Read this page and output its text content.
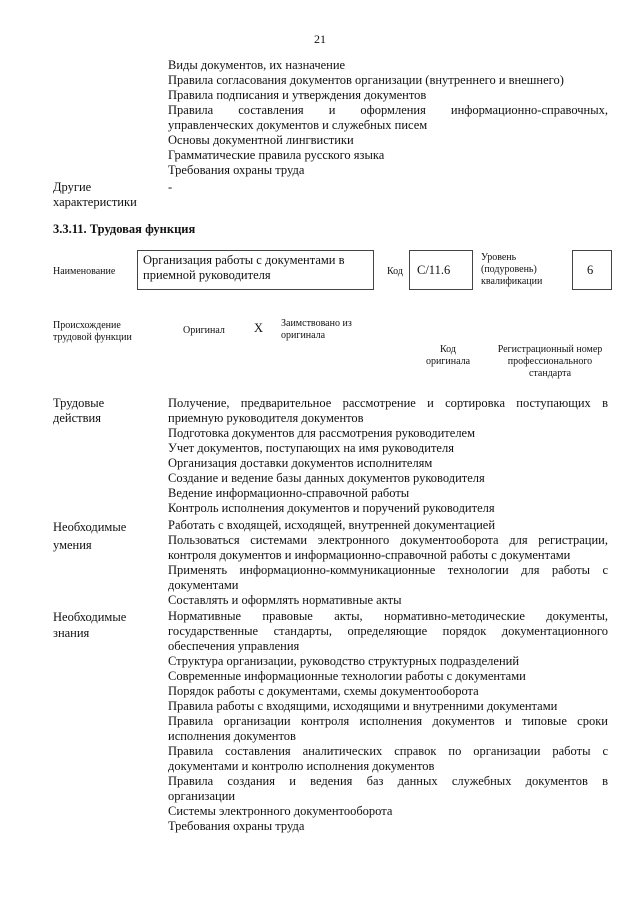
21

Виды документов, их назначение

Правила согласования документов организации (внутреннего и внешнего)

Правила подписания и утверждения документов

Правила составления и оформления информационно-справочных,

управленческих документов и служебных писем

Основы документной лингвистики

Грамматические правила русского языка

Требования охраны труда

Другие
характеристики
-
3.3.11. Трудовая функция
Наименование
Организация работы с документами в
приемной руководителя	Код С/11.6
Уровень
(подуровень)
квалификации
6
Происхождение
трудовой функции
Оригинал X Заимствовано из
оригинала
Код
оригинала
Регистрационный номер
профессионального
стандарта
Трудовые
действия

Получение, предварительное рассмотрение и сортировка поступающих в

приемную руководителя документов

Подготовка документов для рассмотрения руководителем

Учет документов, поступающих на имя руководителя

Организация доставки документов исполнителям

Создание и ведение базы данных документов руководителя

Ведение информационно-справочной работы

Контроль исполнения документов и поручений руководителя

Необходимые
умения

Работать с входящей, исходящей, внутренней документацией

Пользоваться системами электронного документооборота для регистрации,

контроля документов и информационно-справочной работы с документами

Применять информационно-коммуникационные технологии для работы с

документами

Составлять и оформлять нормативные акты

Необходимые
знания

Нормативные правовые акты, нормативно-методические документы,

государственные стандарты, определяющие порядок документационного

обеспечения управления

Структура организации, руководство структурных подразделений

Современные информационные технологии работы с документами

Порядок работы с документами, схемы документооборота

Правила работы с входящими, исходящими и внутренними документами

Правила организации контроля исполнения документов и типовые сроки

исполнения документов

Правила составления аналитических справок по организации работы с

документами и контролю исполнения документов

Правила создания и ведения баз данных служебных документов в

организации

Системы электронного документооборота

Требования охраны труда
